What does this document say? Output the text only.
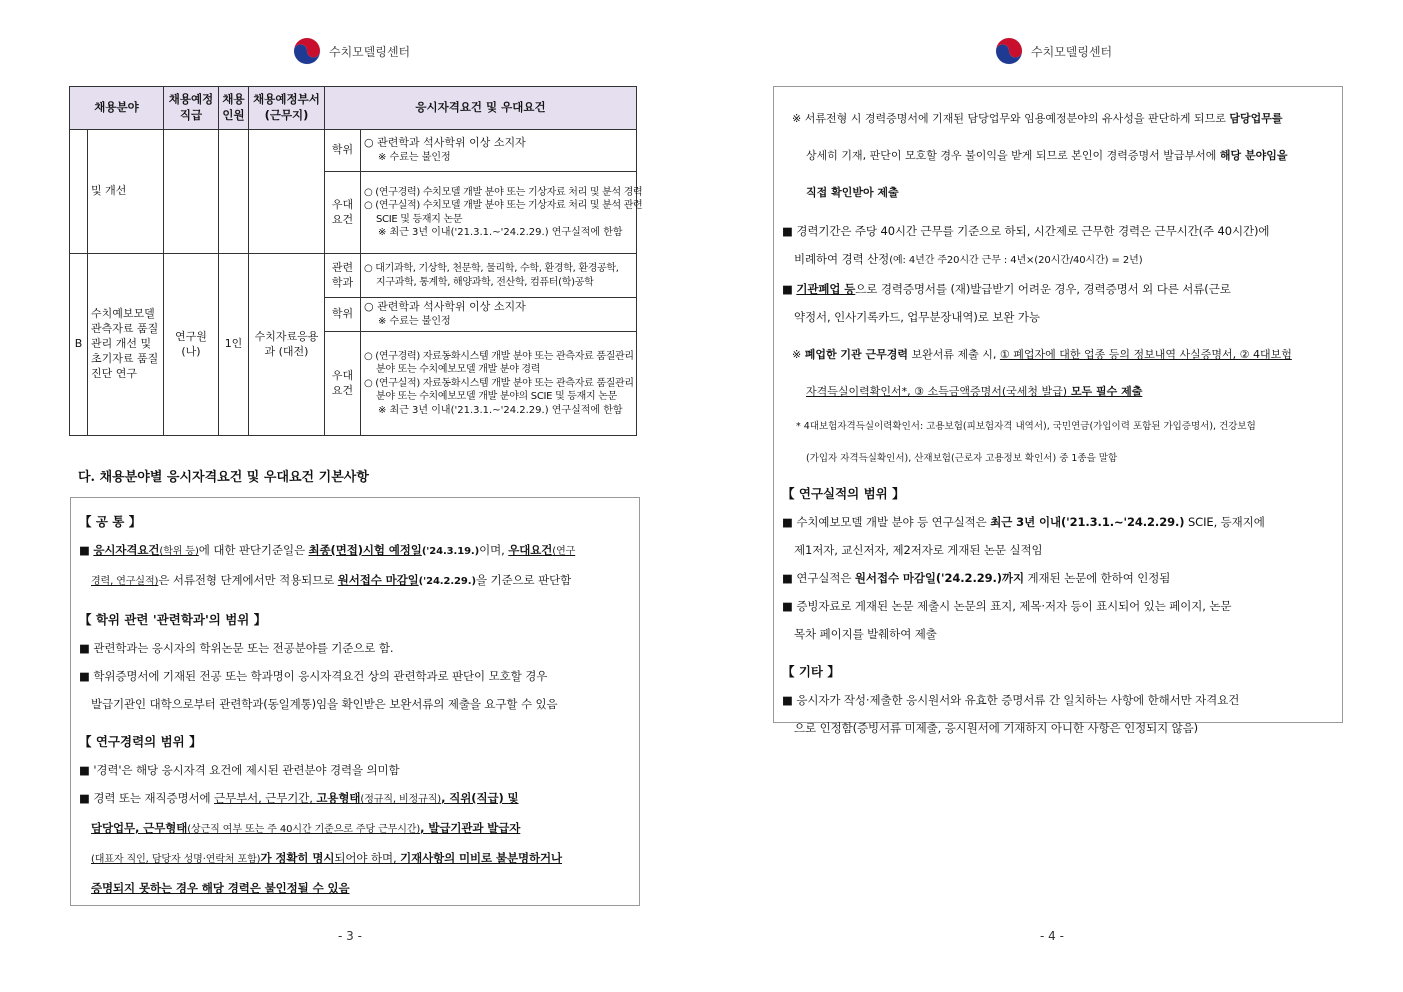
수치모델링센터
채용분야		채용예정 직급	채용 인원	채용예정부서 (근무지)	응시자격요건 및 우대요건	
	및 개선				학위	○ 관련학과 석사학위 이상 소지자
※ 수료는 불인정

					우대 요건	○ (연구경력) 수치모델 개발 분야 또는 기상자료 처리 및 분석 경력
○ (연구실적) 수치모델 개발 분야 또는 기상자료 처리 및 분석 관련
SCIE 및 등재지 논문
※ 최근 3년 이내('21.3.1.~'24.2.29.) 연구실적에 한함

B	수치예보모델 관측자료 품질 관리 개선 및 초기자료 품질 진단 연구	연구원 (나)	1인	수치자료응용과 (대전)	관련 학과	○ 대기과학, 기상학, 천문학, 물리학, 수학, 환경학, 환경공학,
지구과학, 통계학, 해양과학, 전산학, 컴퓨터(학)공학

					학위	○ 관련학과 석사학위 이상 소지자
※ 수료는 불인정

					우대 요건	○ (연구경력) 자료동화시스템 개발 분야 또는 관측자료 품질관리
분야 또는 수치예보모델 개발 분야 경력
○ (연구실적) 자료동화시스템 개발 분야 또는 관측자료 품질관리
분야 또는 수치예보모델 개발 분야의 SCIE 및 등재지 논문
※ 최근 3년 이내('21.3.1.~'24.2.29.) 연구실적에 한함
다. 채용분야별 응시자격요건 및 우대요건 기본사항
【 공 통 】

■ 응시자격요건(학위 등)에 대한 판단기준일은 최종(면접)시험 예정일('24.3.19.)이며, 우대요건(연구

경력, 연구실적)은 서류전형 단계에서만 적용되므로 원서접수 마감일('24.2.29.)을 기준으로 판단함

【 학위 관련 '관련학과'의 범위 】

■ 관련학과는 응시자의 학위논문 또는 전공분야를 기준으로 함.

■ 학위증명서에 기재된 전공 또는 학과명이 응시자격요건 상의 관련학과로 판단이 모호할 경우

발급기관인 대학으로부터 관련학과(동일계통)임을 확인받은 보완서류의 제출을 요구할 수 있음

【 연구경력의 범위 】

■ '경력'은 해당 응시자격 요건에 제시된 관련분야 경력을 의미함

■ 경력 또는 재직증명서에 근무부서, 근무기간, 고용형태(정규직, 비정규직), 직위(직급) 및

담당업무, 근무형태(상근직 여부 또는 주 40시간 기준으로 주당 근무시간), 발급기관과 발급자

(대표자 직인, 담당자 성명·연락처 포함)가 정확히 명시되어야 하며, 기재사항의 미비로 불분명하거나

증명되지 못하는 경우 해당 경력은 불인정될 수 있음

- 3 -
수치모델링센터

※ 서류전형 시 경력증명서에 기재된 담당업무와 임용예정분야의 유사성을 판단하게 되므로 담당업무를

상세히 기재, 판단이 모호할 경우 불이익을 받게 되므로 본인이 경력증명서 발급부서에 해당 분야임을

직접 확인받아 제출

■ 경력기간은 주당 40시간 근무를 기준으로 하되, 시간제로 근무한 경력은 근무시간(주 40시간)에

비례하여 경력 산정(예: 4년간 주20시간 근무 : 4년×(20시간/40시간) = 2년)

■ 기관폐업 등으로 경력증명서를 (재)발급받기 어려운 경우, 경력증명서 외 다른 서류(근로

약정서, 인사기록카드, 업무분장내역)로 보완 가능

※ 폐업한 기관 근무경력 보완서류 제출 시, ① 폐업자에 대한 업종 등의 정보내역 사실증명서, ② 4대보험

자격득실이력확인서*, ③ 소득금액증명서(국세청 발급) 모두 필수 제출

* 4대보험자격득실이력확인서: 고용보험(피보험자격 내역서), 국민연금(가입이력 포함된 가입증명서), 건강보험

(가입자 자격득실확인서), 산재보험(근로자 고용정보 확인서) 중 1종을 말함

【 연구실적의 범위 】

■ 수치예보모델 개발 분야 등 연구실적은 최근 3년 이내('21.3.1.~'24.2.29.) SCIE, 등재지에

제1저자, 교신저자, 제2저자로 게재된 논문 실적임

■ 연구실적은 원서접수 마감일('24.2.29.)까지 게재된 논문에 한하여 인정됨

■ 증빙자료로 게재된 논문 제출시 논문의 표지, 제목·저자 등이 표시되어 있는 페이지, 논문

목차 페이지를 발췌하여 제출

【 기타 】

■ 응시자가 작성·제출한 응시원서와 유효한 증명서류 간 일치하는 사항에 한해서만 자격요건

으로 인정함(증빙서류 미제출, 응시원서에 기재하지 아니한 사항은 인정되지 않음)

- 4 -
